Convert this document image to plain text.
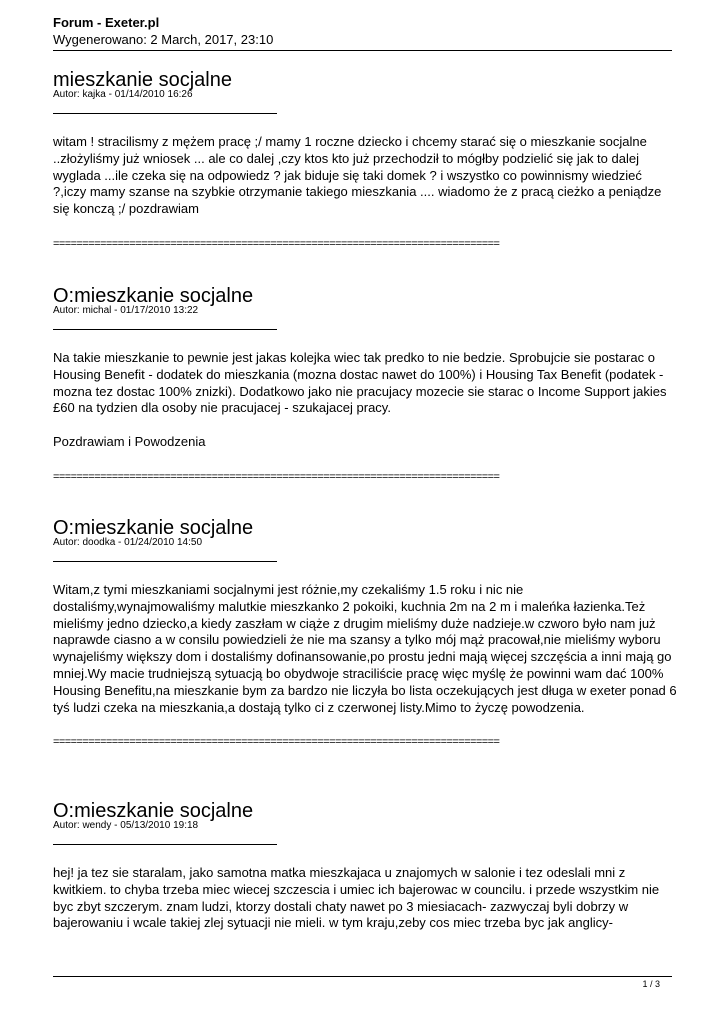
Forum - Exeter.pl
Wygenerowano: 2 March, 2017, 23:10
mieszkanie socjalne
Autor: kajka - 01/14/2010 16:26

witam ! stracilismy z mężem pracę ;/ mamy 1 roczne dziecko i chcemy starać się o mieszkanie socjalne ..złożyliśmy już wniosek ... ale co dalej ,czy ktos kto już przechodził to mógłby podzielić się jak to dalej wyglada ...ile czeka się na odpowiedz ? jak biduje się taki domek ? i wszystko co powinnismy wiedzieć ?,iczy mamy szanse na szybkie otrzymanie takiego mieszkania .... wiadomo że z pracą cieżko a peniądze się konczą ;/ pozdrawiam

============================================================================
O:mieszkanie socjalne
Autor: michal - 01/17/2010 13:22

Na takie mieszkanie to pewnie jest jakas kolejka wiec tak predko to nie bedzie. Sprobujcie sie postarac o Housing Benefit - dodatek do mieszkania (mozna dostac nawet do 100%) i Housing Tax Benefit (podatek - mozna tez dostac 100% znizki). Dodatkowo jako nie pracujacy mozecie sie starac o Income Support jakies £60 na tydzien dla osoby nie pracujacej - szukajacej pracy.

Pozdrawiam i Powodzenia

============================================================================
O:mieszkanie socjalne
Autor: doodka - 01/24/2010 14:50

Witam,z tymi mieszkaniami socjalnymi jest różnie,my czekaliśmy 1.5 roku i nic nie dostaliśmy,wynajmowaliśmy malutkie mieszkanko 2 pokoiki, kuchnia 2m na 2 m i maleńka łazienka.Też mieliśmy jedno dziecko,a kiedy zaszłam w ciąże z drugim mieliśmy duże nadzieje.w czworo było nam już naprawde ciasno a w consilu powiedzieli że nie ma szansy a tylko mój mąż pracował,nie mieliśmy wyboru wynajeliśmy większy dom i dostaliśmy dofinansowanie,po prostu jedni mają więcej szczęścia a inni mają go mniej.Wy macie trudniejszą sytuacją bo obydwoje straciliście pracę więc myślę że powinni wam dać 100% Housing Benefitu,na mieszkanie bym za bardzo nie liczyła bo lista oczekujących jest długa w exeter ponad 6 tyś ludzi czeka na mieszkania,a dostają tylko ci z czerwonej listy.Mimo to życzę powodzenia.

============================================================================
O:mieszkanie socjalne
Autor: wendy - 05/13/2010 19:18

hej! ja tez sie staralam, jako samotna matka mieszkajaca u znajomych w salonie i tez odeslali mni z kwitkiem. to chyba trzeba miec wiecej szczescia i umiec ich bajerowac w councilu. i przede wszystkim nie byc zbyt szczerym. znam ludzi, ktorzy dostali chaty nawet po 3 miesiacach- zazwyczaj byli dobrzy w bajerowaniu i wcale takiej zlej sytuacji nie mieli. w tym kraju,zeby cos miec trzeba byc jak anglicy-

1 / 3
